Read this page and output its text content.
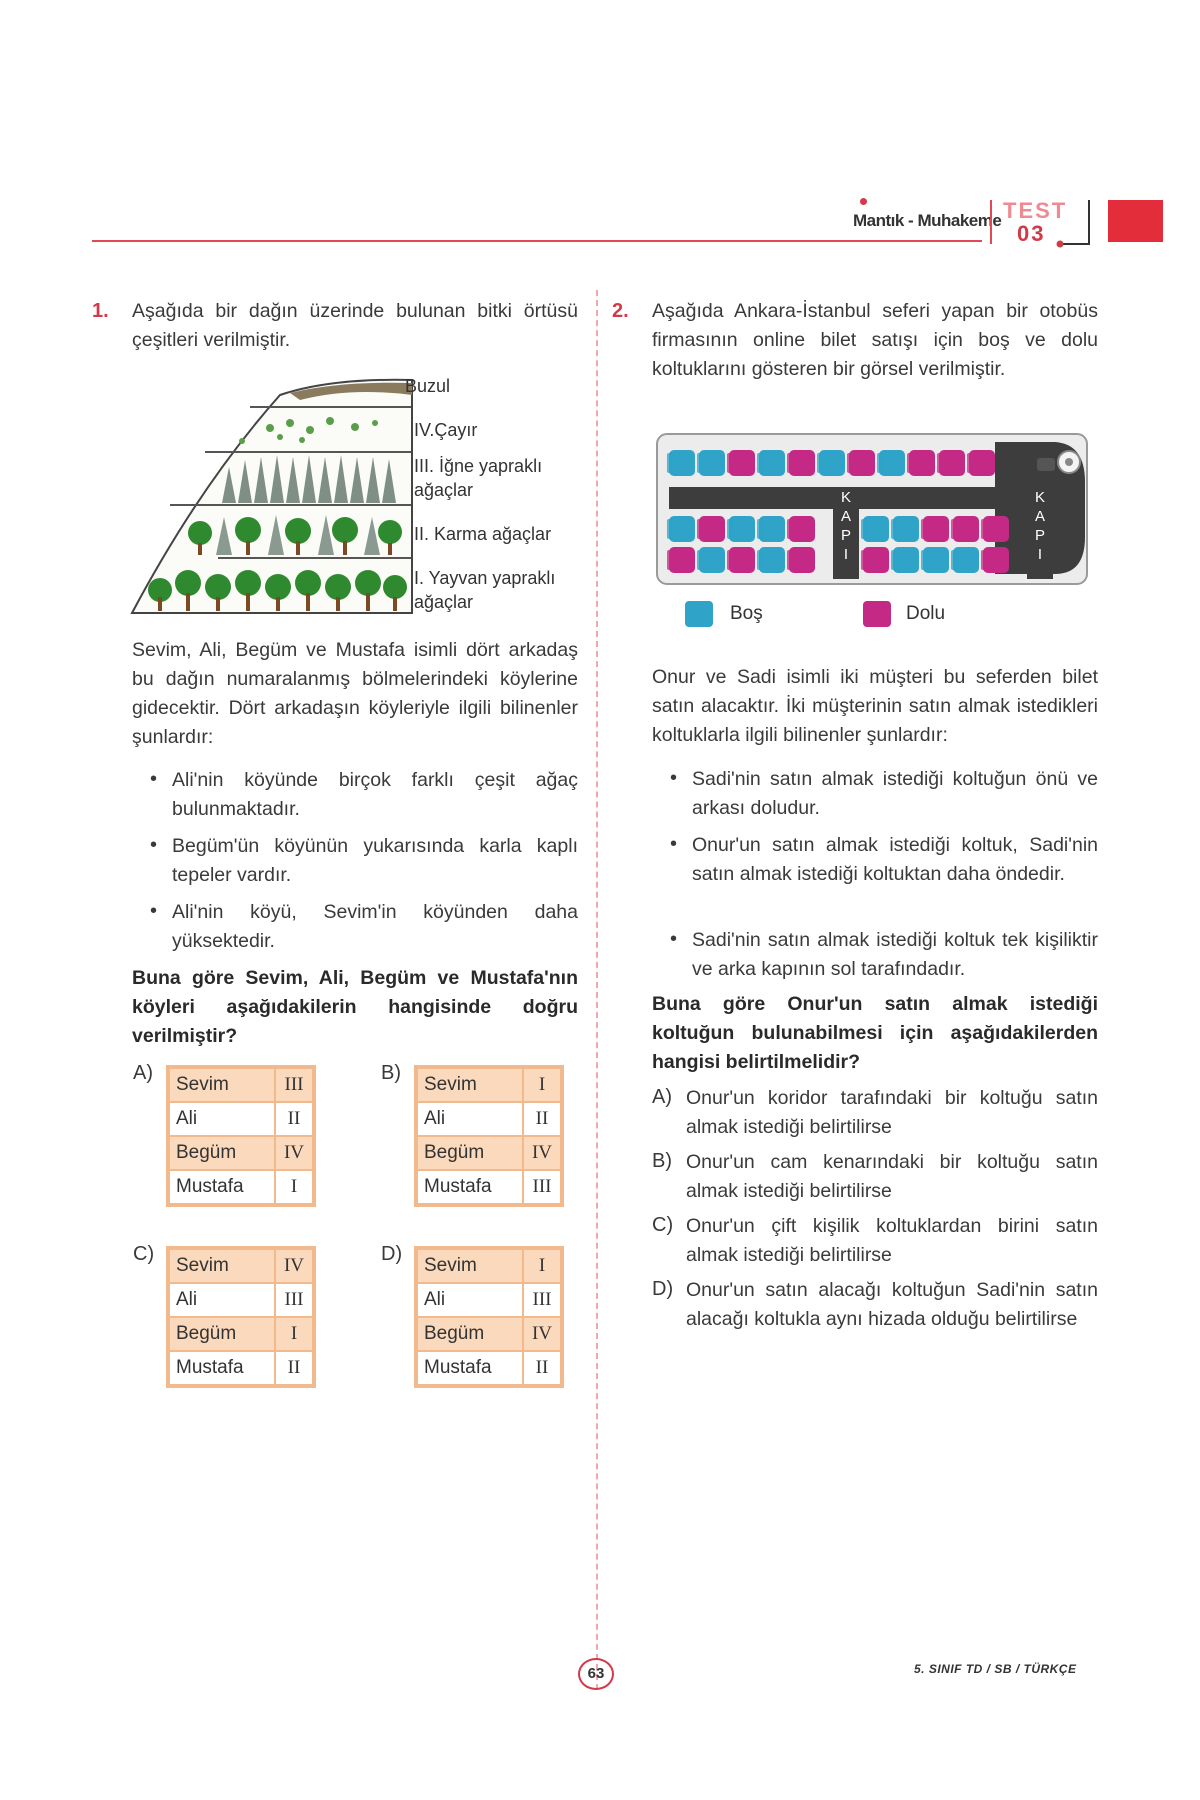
Mantık - Muhakeme TEST
03
1. Aşağıda bir dağın üzerinde bulunan bitki örtüsü çeşitleri verilmiştir.
Buzul
IV.Çayır
III. İğne yapraklı ağaçlar
II. Karma ağaçlar
I. Yayvan yapraklı ağaçlar
Sevim, Ali, Begüm ve Mustafa isimli dört arkadaş bu dağın numaralanmış bölmelerindeki köylerine gidecektir. Dört arkadaşın köyleriyle ilgili bilinenler şunlardır:
• Ali'nin köyünde birçok farklı çeşit ağaç bulunmaktadır.
• Begüm'ün köyünün yukarısında karla kaplı tepeler vardır.
• Ali'nin köyü, Sevim'in köyünden daha yüksektedir.
Buna göre Sevim, Ali, Begüm ve Mustafa'nın köyleri aşağıdakilerin hangisinde doğru verilmiştir?
A)
Sevim	III
Ali	II
Begüm	IV
Mustafa	I
B)
Sevim	I
Ali	II
Begüm	IV
Mustafa	III
C)
Sevim	IV
Ali	III
Begüm	I
Mustafa	II
D)
Sevim	I
Ali	III
Begüm	IV
Mustafa	II
2. Aşağıda Ankara-İstanbul seferi yapan bir otobüs firmasının online bilet satışı için boş ve dolu koltuklarını gösteren bir görsel verilmiştir.
K
A
P
I
K
A
P
I
Boş	Dolu
Onur ve Sadi isimli iki müşteri bu seferden bilet satın alacaktır. İki müşterinin satın almak istedikleri koltuklarla ilgili bilinenler şunlardır:
• Sadi'nin satın almak istediği koltuğun önü ve arkası doludur.
• Onur'un satın almak istediği koltuk, Sadi'nin satın almak istediği koltuktan daha öndedir.
• Sadi'nin satın almak istediği koltuk tek kişiliktir ve arka kapının sol tarafındadır.
Buna göre Onur'un satın almak istediği koltuğun bulunabilmesi için aşağıdakilerden hangisi belirtilmelidir?
A) Onur'un koridor tarafındaki bir koltuğu satın almak istediği belirtilirse
B) Onur'un cam kenarındaki bir koltuğu satın almak istediği belirtilirse
C) Onur'un çift kişilik koltuklardan birini satın almak istediği belirtilirse
D) Onur'un satın alacağı koltuğun Sadi'nin satın alacağı koltukla aynı hizada olduğu belirtilirse
63	5. SINIF TD / SB / TÜRKÇE
